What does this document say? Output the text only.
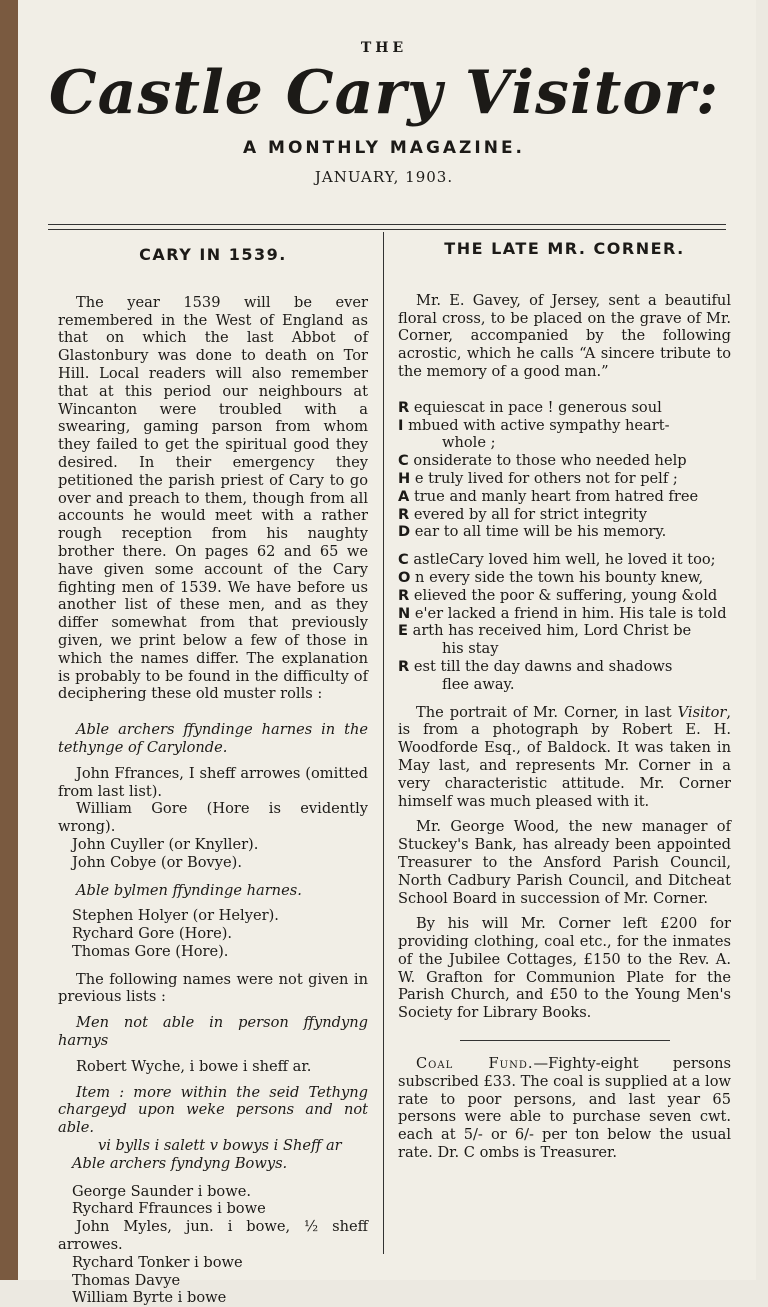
THE
Castle Cary Visitor:
A MONTHLY MAGAZINE.
JANUARY, 1903.
CARY IN 1539.

The year 1539 will be ever remembered in the West of England as that on which the last Abbot of Glastonbury was done to death on Tor Hill. Local readers will also remember that at this period our neighbours at Wincanton were troubled with a swearing, gaming parson from whom they failed to get the spiritual good they desired. In their emergency they petitioned the parish priest of Cary to go over and preach to them, though from all accounts he would meet with a rather rough reception from his naughty brother there. On pages 62 and 65 we have given some account of the Cary fighting men of 1539. We have before us another list of these men, and as they differ somewhat from that previously given, we print below a few of those in which the names differ. The explanation is probably to be found in the difficulty of deciphering these old muster rolls :

Able archers ffyndinge harnes in the tethynge of Carylonde.

John Ffrances, I sheff arrowes (omitted from last list).

William Gore (Hore is evidently wrong).

John Cuyller (or Knyller).

John Cobye (or Bovye).

Able bylmen ffyndinge harnes.

Stephen Holyer (or Helyer).

Rychard Gore (Hore).

Thomas Gore (Hore).

The following names were not given in previous lists :

Men not able in person ffyndyng harnys

Robert Wyche, i bowe i sheff ar.

Item : more within the seid Tethyng chargeyd upon weke persons and not able.

vi bylls i salett v bowys i Sheff ar

Able archers fyndyng Bowys.

George Saunder i bowe.

Rychard Ffraunces i bowe

John Myles, jun. i bowe, ½ sheff arrowes.

Rychard Tonker i bowe

Thomas Davye

William Byrte i bowe

THE LATE MR. CORNER.

Mr. E. Gavey, of Jersey, sent a beautiful floral cross, to be placed on the grave of Mr. Corner, accompanied by the following acrostic, which he calls “A sincere tribute to the memory of a good man.”

R equiescat in pace ! generous soul
I mbued with active sympathy heart-
whole ;
C onsiderate to those who needed help
H e truly lived for others not for pelf ;
A true and manly heart from hatred free
R evered by all for strict integrity
D ear to all time will be his memory.
C astleCary loved him well, he loved it too;
O n every side the town his bounty knew,
R elieved the poor & suffering, young &old
N e'er lacked a friend in him. His tale is told
E arth has received him, Lord Christ be
his stay
R est till the day dawns and shadows
flee away.

The portrait of Mr. Corner, in last Visitor, is from a photograph by Robert E. H. Woodforde Esq., of Baldock. It was taken in May last, and represents Mr. Corner in a very characteristic attitude. Mr. Corner himself was much pleased with it.

Mr. George Wood, the new manager of Stuckey's Bank, has already been appointed Treasurer to the Ansford Parish Council, North Cadbury Parish Council, and Ditcheat School Board in succession of Mr. Corner.

By his will Mr. Corner left £200 for providing clothing, coal etc., for the inmates of the Jubilee Cottages, £150 to the Rev. A. W. Grafton for Communion Plate for the Parish Church, and £50 to the Young Men's Society for Library Books.

Coal Fund.—Fighty-eight persons subscribed £33. The coal is supplied at a low rate to poor persons, and last year 65 persons were able to purchase seven cwt. each at 5/- or 6/- per ton below the usual rate. Dr. C ombs is Treasurer.
